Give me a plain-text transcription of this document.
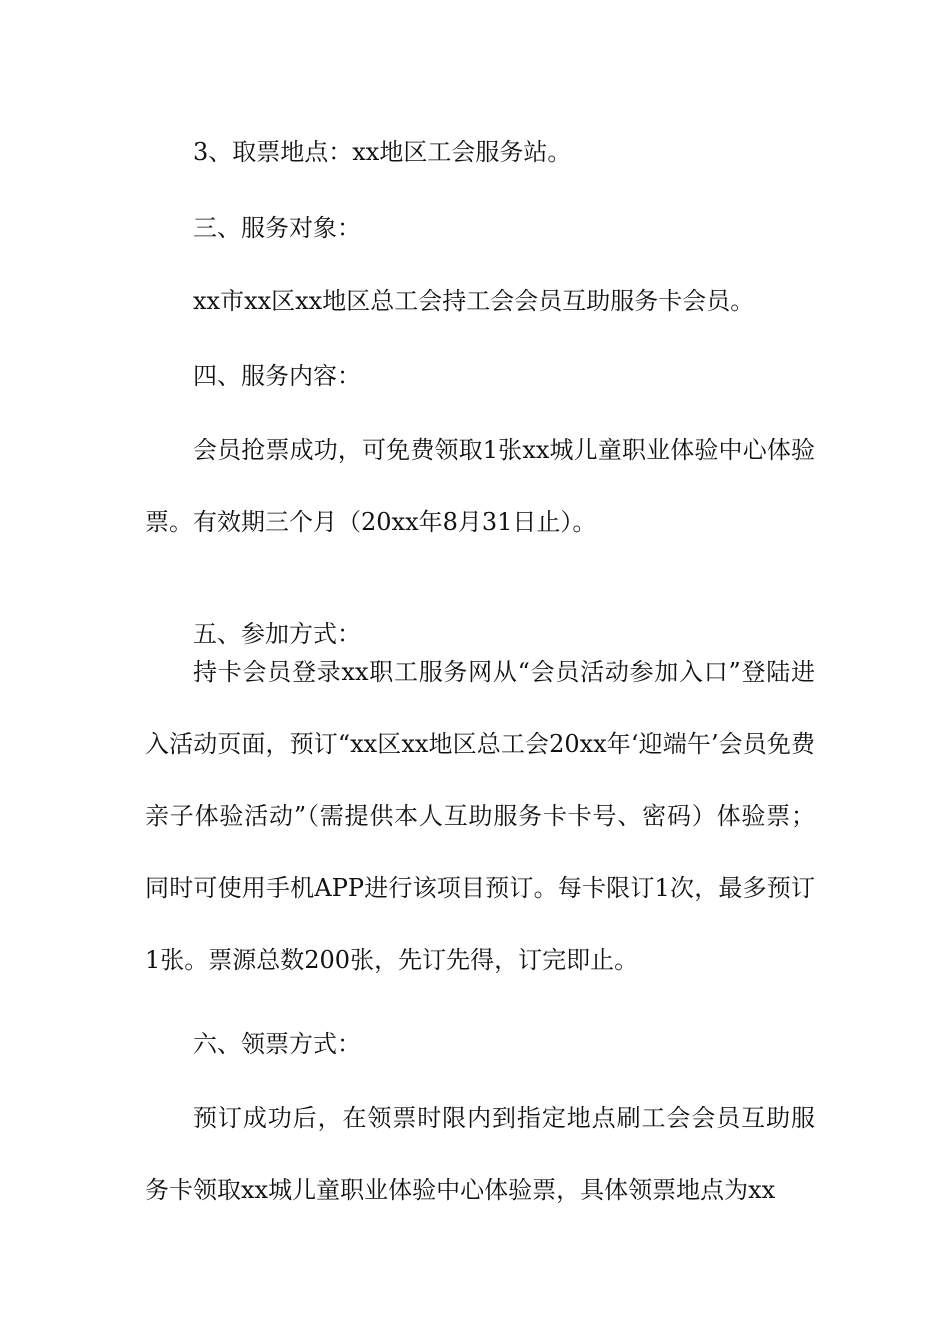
3、取票地点：xx地区工会服务站。

三、服务对象：

xx市xx区xx地区总工会持工会会员互助服务卡会员。

四、服务内容：

会员抢票成功，可免费领取1张xx城儿童职业体验中心体验票。有效期三个月（20xx年8月31日止）。

五、参加方式：

持卡会员登录xx职工服务网从“会员活动参加入口”登陆进入活动页面，预订“xx区xx地区总工会20xx年‘迎端午’会员免费亲子体验活动”（需提供本人互助服务卡卡号、密码）体验票；同时可使用手机APP进行该项目预订。每卡限订1次，最多预订1张。票源总数200张，先订先得，订完即止。

六、领票方式：

预订成功后，在领票时限内到指定地点刷工会会员互助服务卡领取xx城儿童职业体验中心体验票，具体领票地点为xx
